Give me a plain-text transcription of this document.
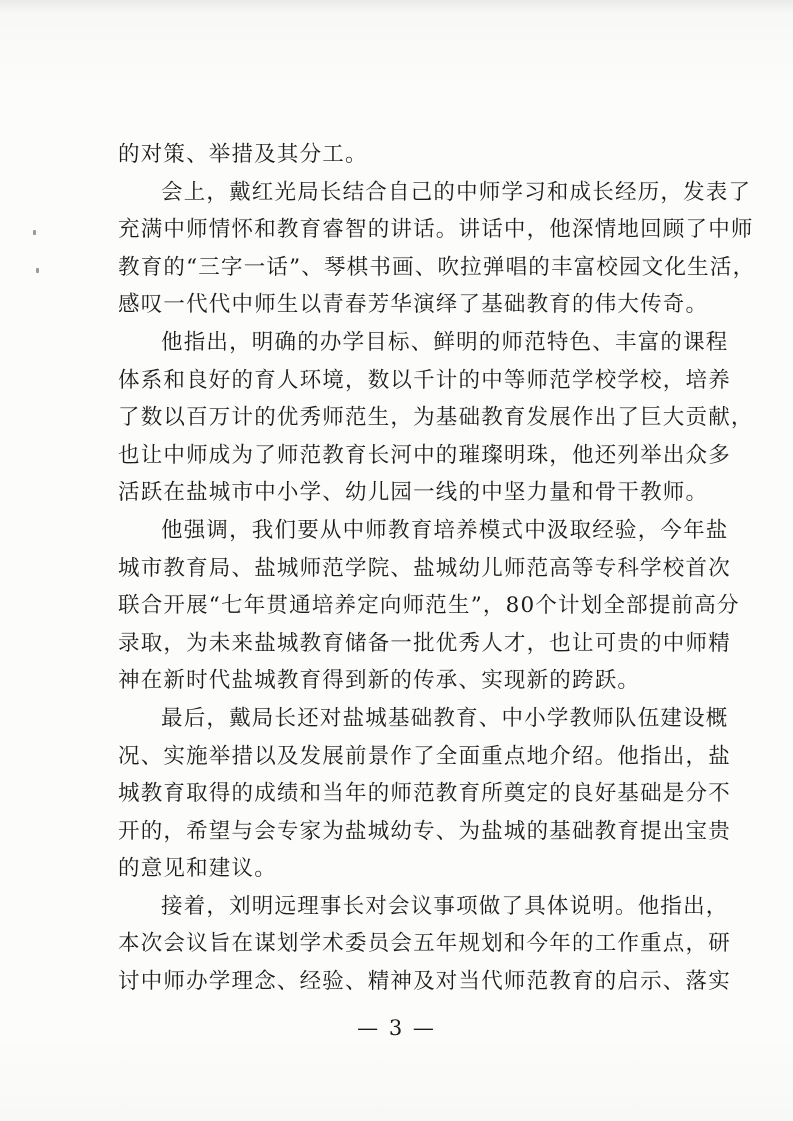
的对策、举措及其分工。
会上，戴红光局长结合自己的中师学习和成长经历，发表了
充满中师情怀和教育睿智的讲话。讲话中，他深情地回顾了中师
教育的“三字一话”、琴棋书画、吹拉弹唱的丰富校园文化生活，
感叹一代代中师生以青春芳华演绎了基础教育的伟大传奇。
他指出，明确的办学目标、鲜明的师范特色、丰富的课程
体系和良好的育人环境，数以千计的中等师范学校学校，培养
了数以百万计的优秀师范生，为基础教育发展作出了巨大贡献，
也让中师成为了师范教育长河中的璀璨明珠，他还列举出众多
活跃在盐城市中小学、幼儿园一线的中坚力量和骨干教师。
他强调，我们要从中师教育培养模式中汲取经验，今年盐
城市教育局、盐城师范学院、盐城幼儿师范高等专科学校首次
联合开展“七年贯通培养定向师范生”，80个计划全部提前高分
录取，为未来盐城教育储备一批优秀人才，也让可贵的中师精
神在新时代盐城教育得到新的传承、实现新的跨跃。
最后，戴局长还对盐城基础教育、中小学教师队伍建设概
况、实施举措以及发展前景作了全面重点地介绍。他指出，盐
城教育取得的成绩和当年的师范教育所奠定的良好基础是分不
开的，希望与会专家为盐城幼专、为盐城的基础教育提出宝贵
的意见和建议。
接着，刘明远理事长对会议事项做了具体说明。他指出，
本次会议旨在谋划学术委员会五年规划和今年的工作重点，研
讨中师办学理念、经验、精神及对当代师范教育的启示、落实
— 3 —
